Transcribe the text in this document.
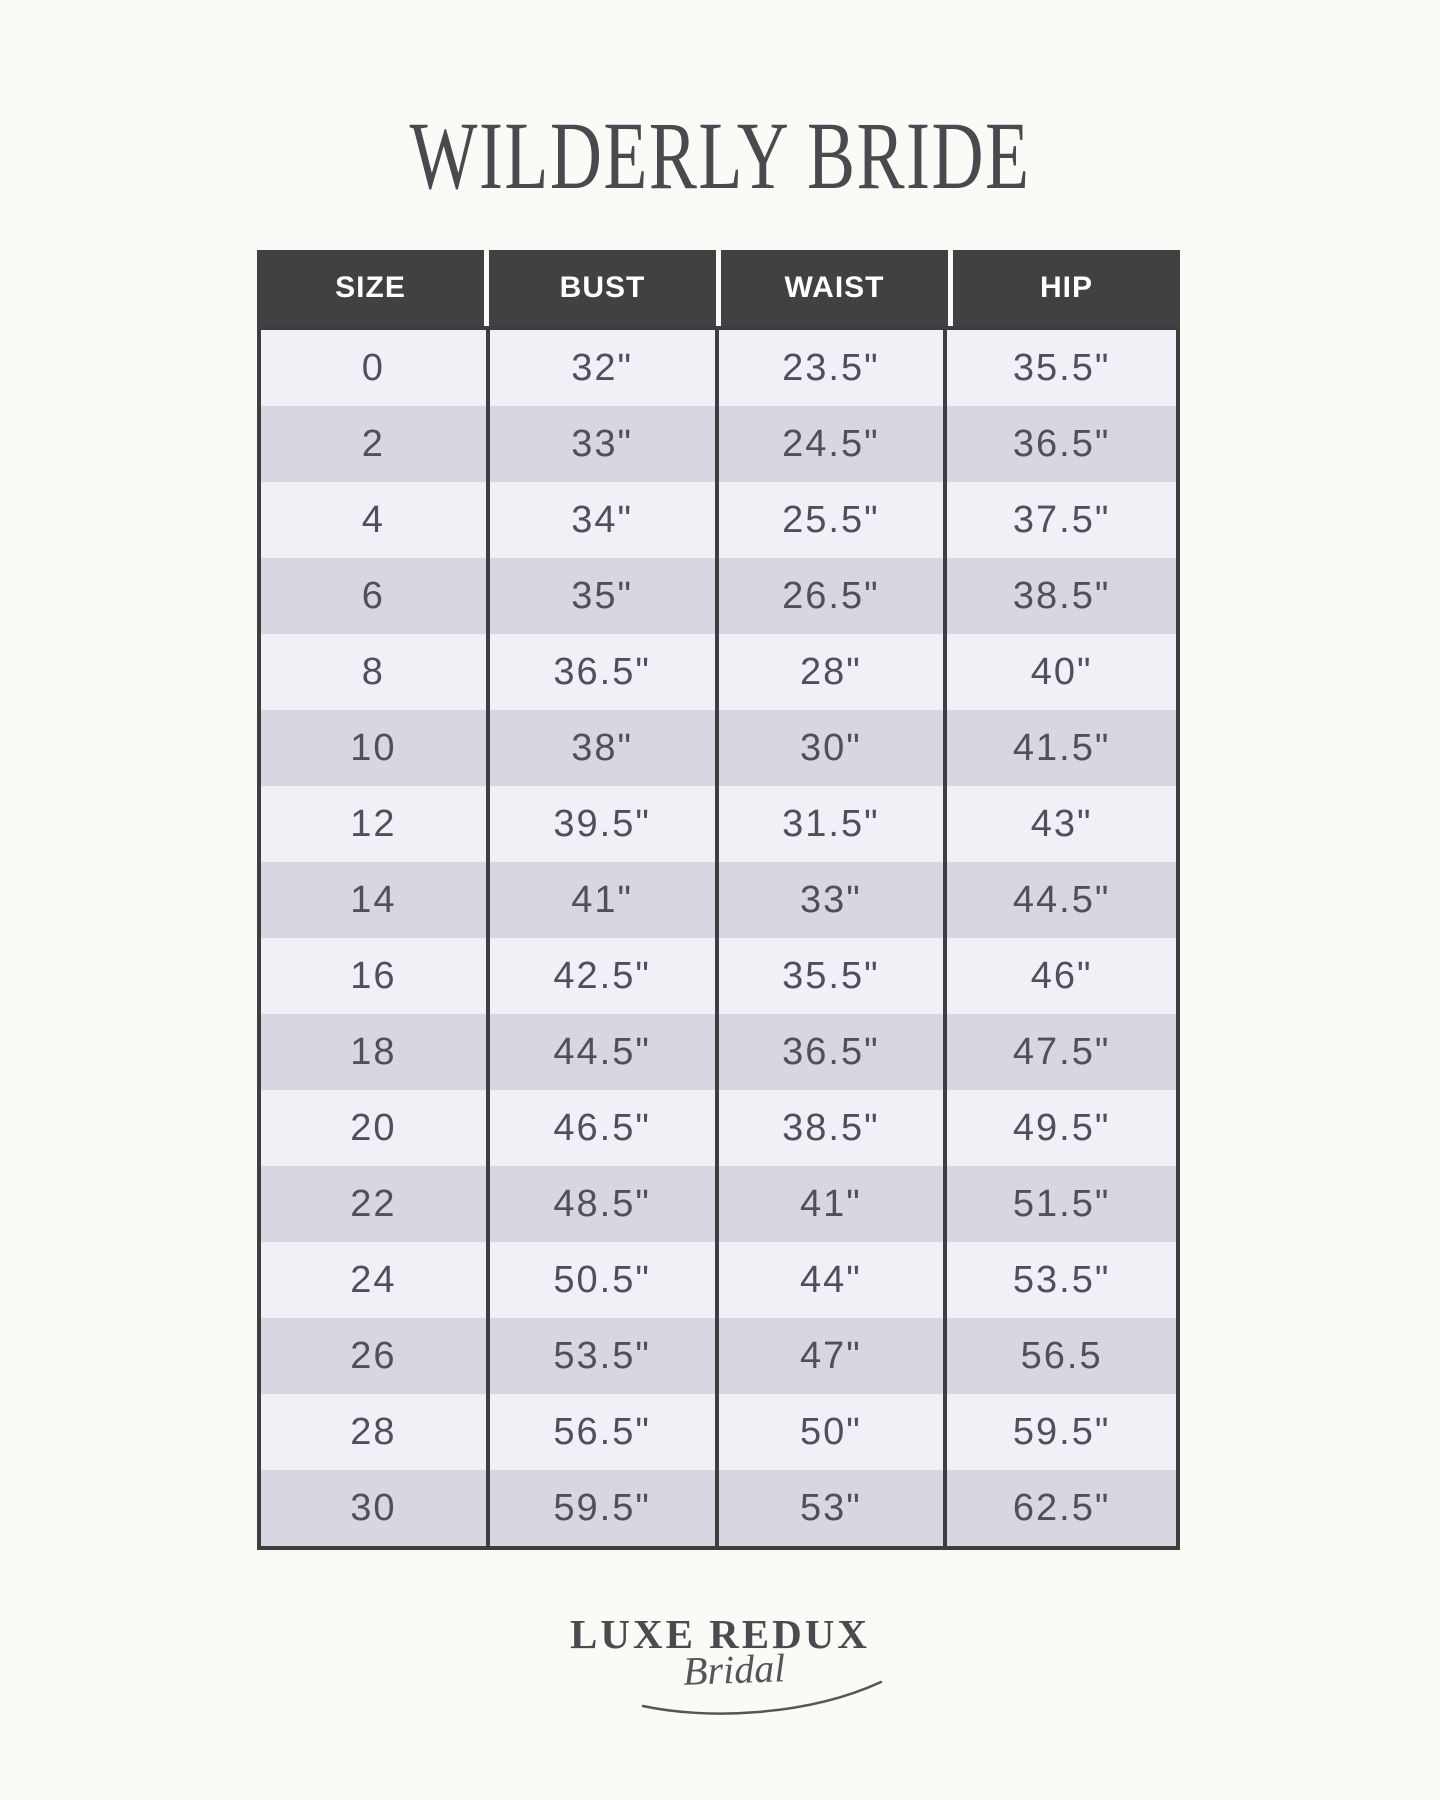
WILDERLY BRIDE
SIZE	BUST	WAIST	HIP
0	32"	23.5"	35.5"
2	33"	24.5"	36.5"
4	34"	25.5"	37.5"
6	35"	26.5"	38.5"
8	36.5"	28"	40"
10	38"	30"	41.5"
12	39.5"	31.5"	43"
14	41"	33"	44.5"
16	42.5"	35.5"	46"
18	44.5"	36.5"	47.5"
20	46.5"	38.5"	49.5"
22	48.5"	41"	51.5"
24	50.5"	44"	53.5"
26	53.5"	47"	56.5
28	56.5"	50"	59.5"
30	59.5"	53"	62.5"
LUXE REDUX
Bridal
